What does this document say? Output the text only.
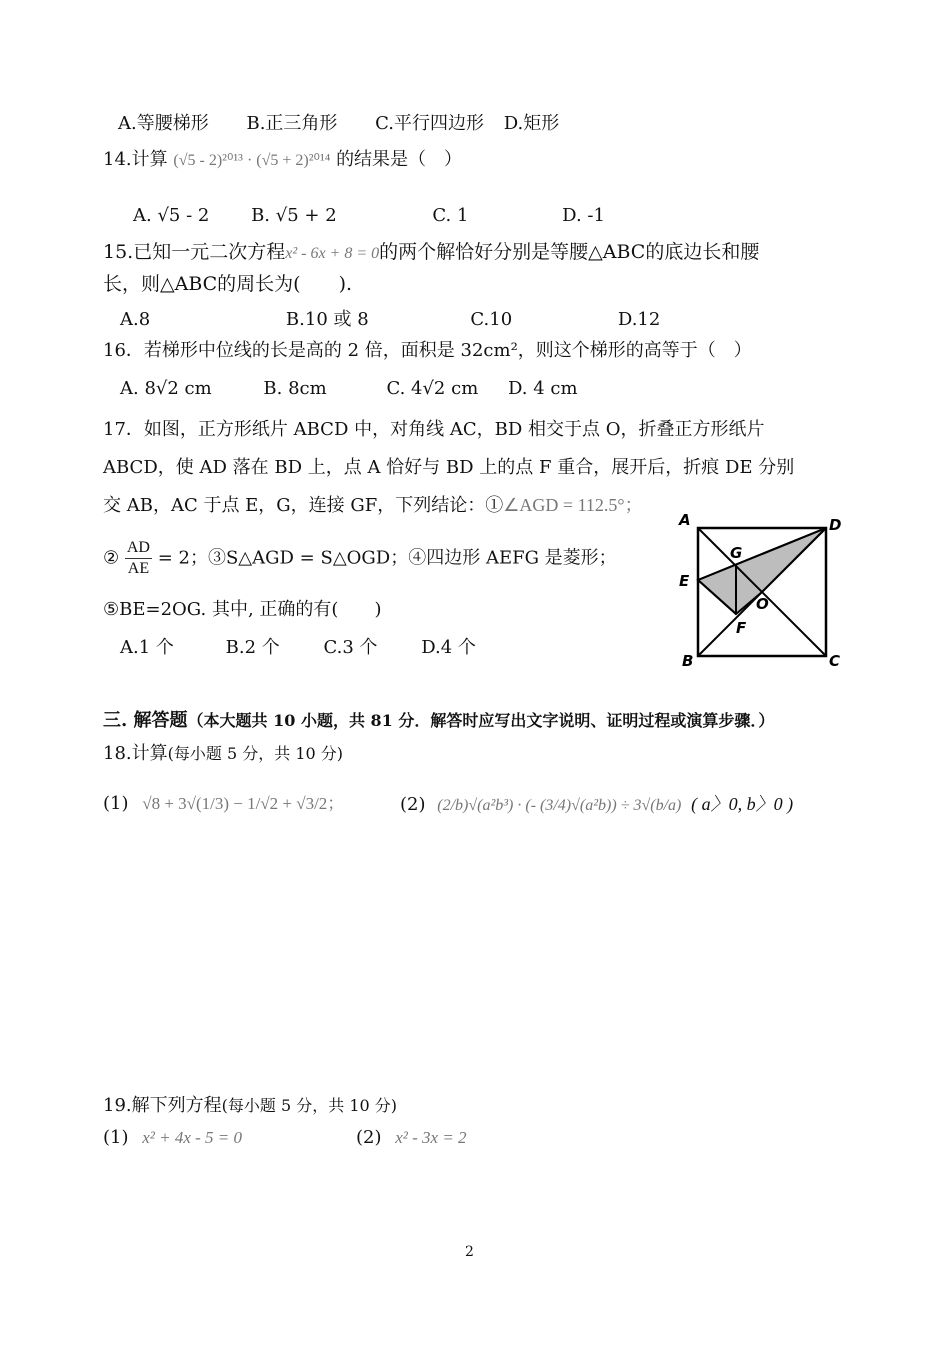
A.等腰梯形 B.正三角形 C.平行四边形 D.矩形
14.计算 (√5 - 2)²⁰¹³ · (√5 + 2)²⁰¹⁴ 的结果是（　）
A. √5 - 2 B. √5 + 2	C. 1	D. -1
15.已知一元二次方程x² - 6x + 8 = 0的两个解恰好分别是等腰△ABC的底边长和腰
长，则△ABC的周长为(　　).
A.8	B.10 或 8	C.10	D.12
16．若梯形中位线的长是高的 2 倍，面积是 32cm²，则这个梯形的高等于（　）
A. 8√2 cm	B. 8cm	C. 4√2 cm D. 4 cm
17．如图，正方形纸片 ABCD 中，对角线 AC，BD 相交于点 O，折叠正方形纸片
ABCD，使 AD 落在 BD 上，点 A 恰好与 BD 上的点 F 重合，展开后，折痕 DE 分别
交 AB，AC 于点 E，G，连接 GF，下列结论：①∠AGD = 112.5°；
② $\frac{AD}{AE} = 2$；③S△AGD = S△OGD；④四边形 AEFG 是菱形；
⑤BE=2OG. 其中, 正确的有(　　)
A.1 个	B.2 个 C.3 个 D.4 个
A	D
B	C
E
G
O
F
三. 解答题（本大题共 10 小题，共 81 分．解答时应写出文字说明、证明过程或演算步骤．）
18.计算(每小题 5 分，共 10 分)
(1) √8 + 3√(1/3) − 1/√2 + √3/2；	(2) (2/b)√(a²b³) · (- (3/4)√(a²b)) ÷ 3√(b/a) ( a〉0, b〉0 )
19.解下列方程(每小题 5 分，共 10 分)
(1) x² + 4x - 5 = 0	(2) x² - 3x = 2
2
